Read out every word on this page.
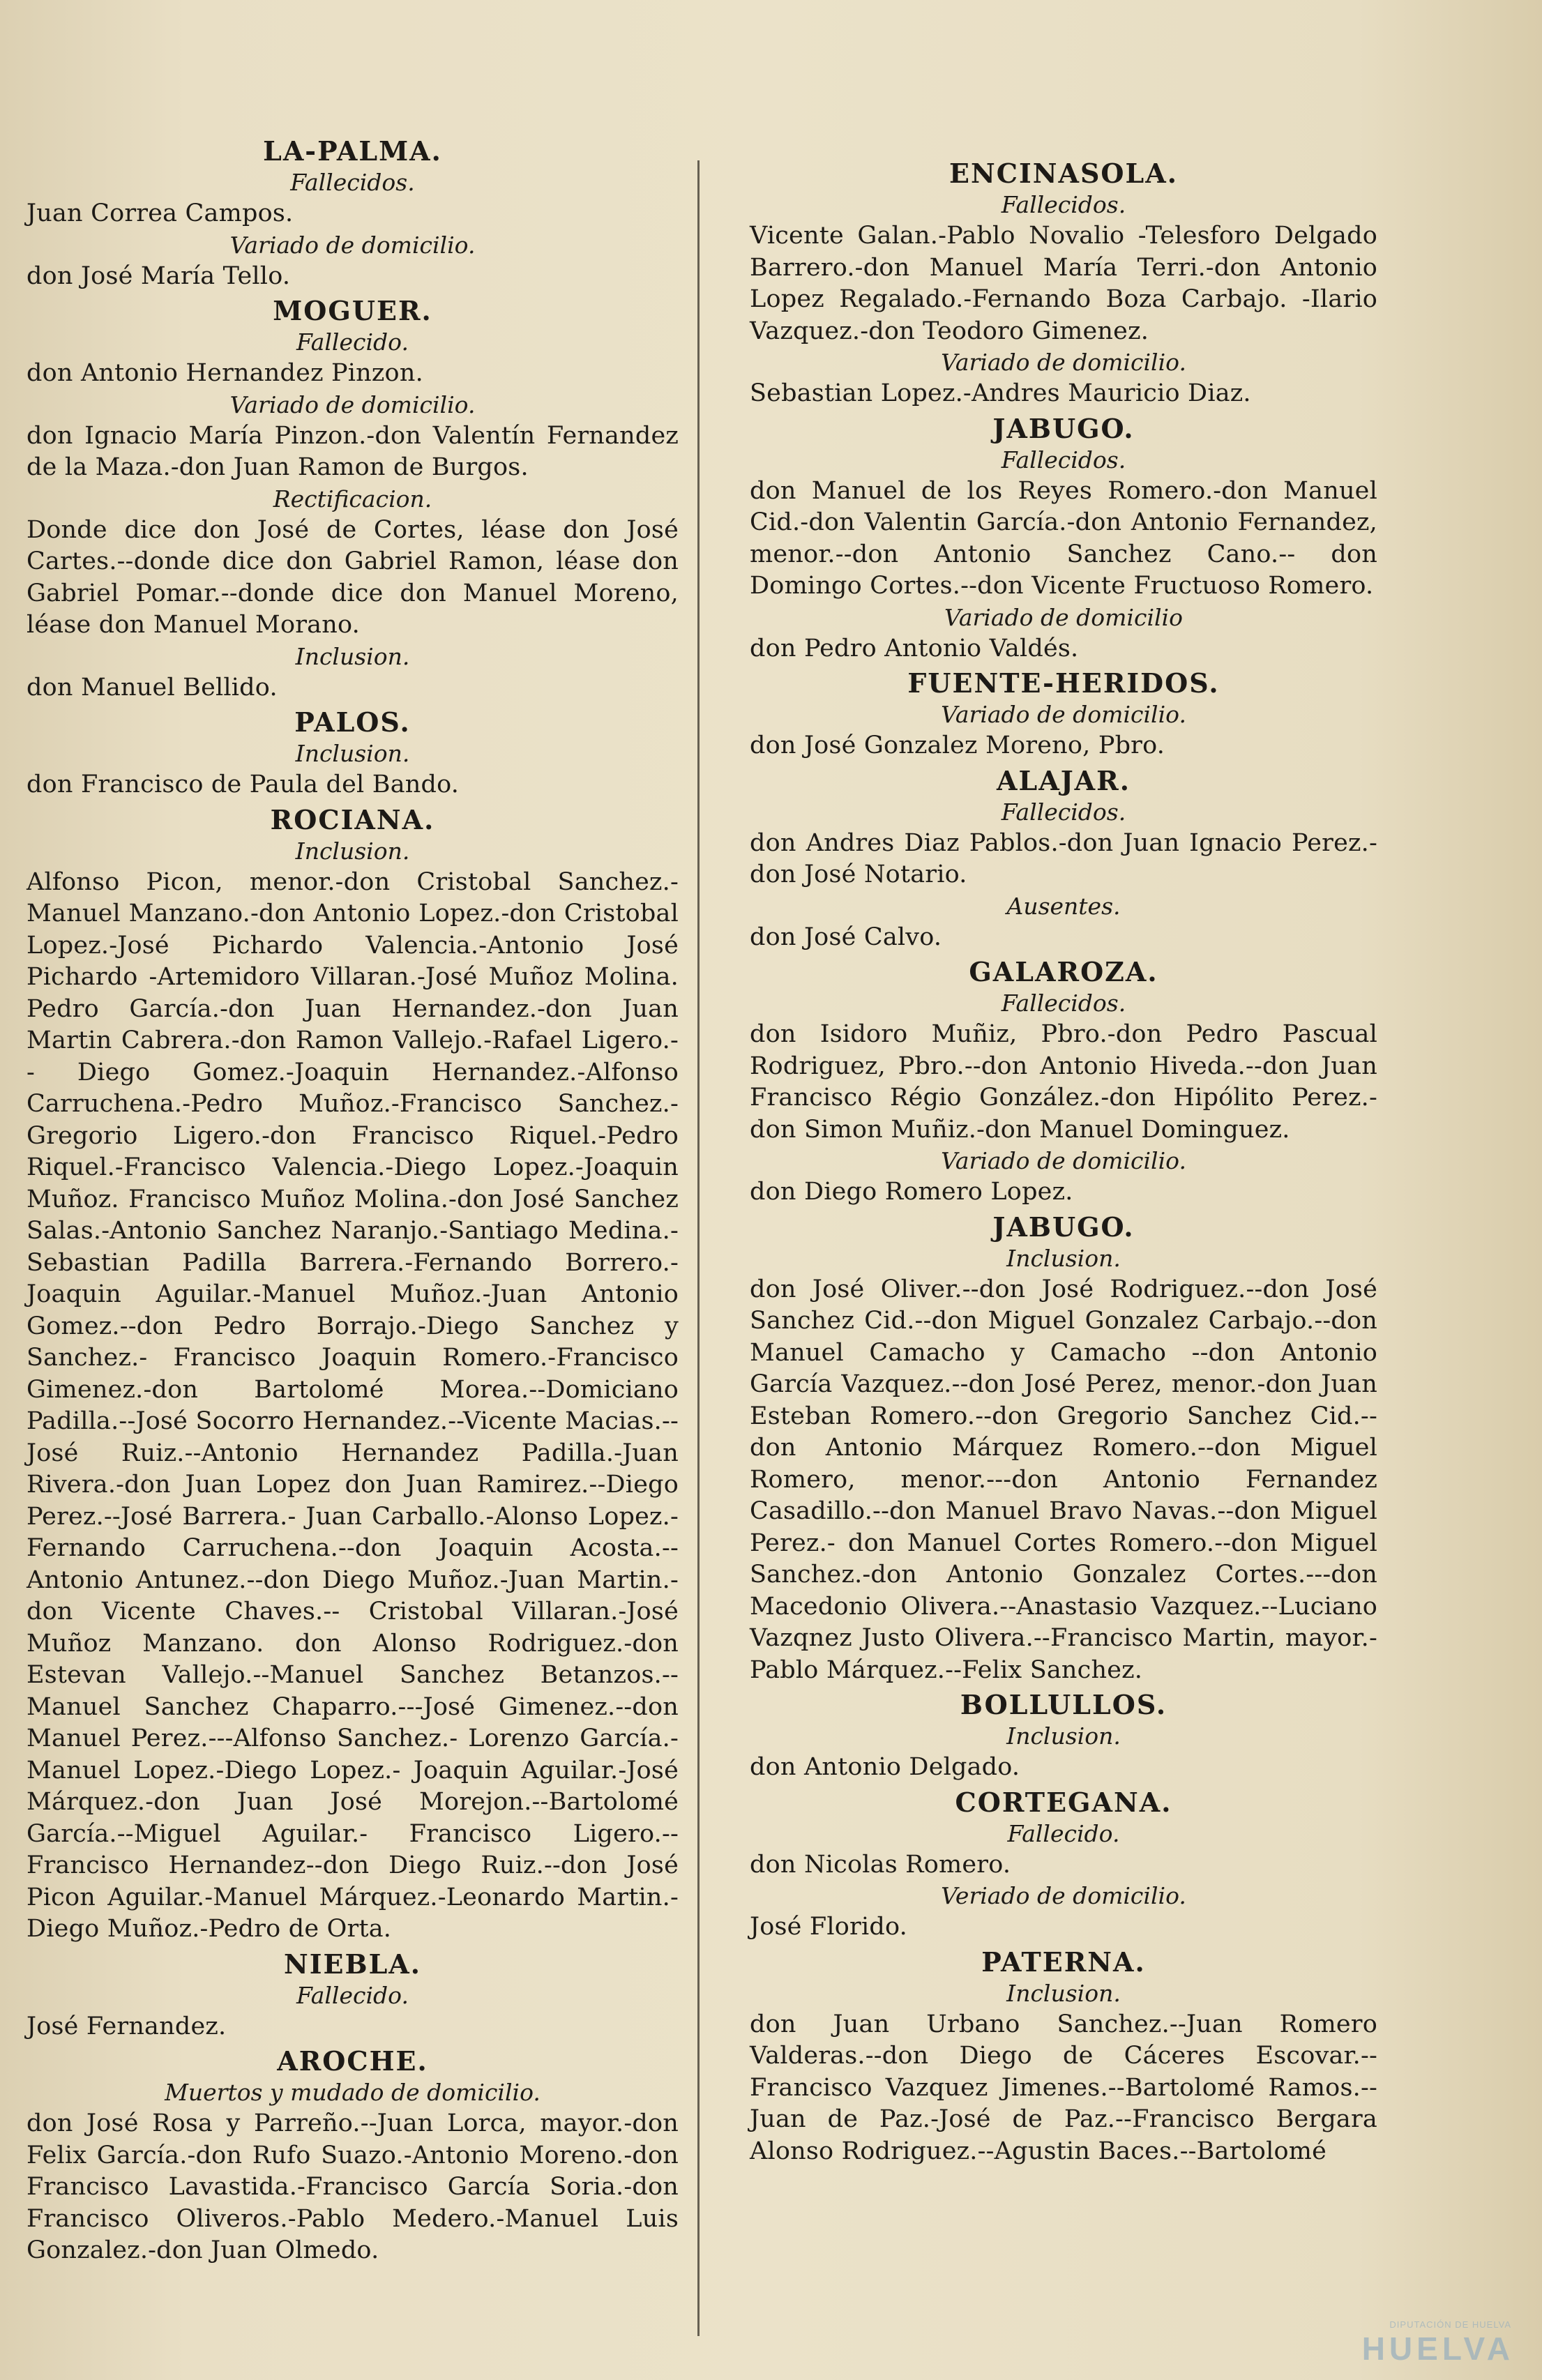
LA-PALMA.

Fallecidos.

Juan Correa Campos.

Variado de domicilio.

don José María Tello.

MOGUER.

Fallecido.

don Antonio Hernandez Pinzon.

Variado de domicilio.

don Ignacio María Pinzon.-don Valentín Fernandez de la Maza.-don Juan Ramon de Burgos.

Rectificacion.

Donde dice don José de Cortes, léase don José Cartes.--donde dice don Gabriel Ramon, léase don Gabriel Pomar.--donde dice don Manuel Moreno, léase don Manuel Morano.

Inclusion.

don Manuel Bellido.

PALOS.

Inclusion.

don Francisco de Paula del Bando.

ROCIANA.

Inclusion.

Alfonso Picon, menor.-don Cristobal Sanchez.-Manuel Manzano.-don Antonio Lopez.-don Cristobal Lopez.-José Pichardo Valencia.-Antonio José Pichardo -Artemidoro Villaran.-José Muñoz Molina. Pedro García.-don Juan Hernandez.-don Juan Martin Cabrera.-don Ramon Vallejo.-Rafael Ligero.-- Diego Gomez.-Joaquin Hernandez.-Alfonso Carruchena.-Pedro Muñoz.-Francisco Sanchez.-Gregorio Ligero.-don Francisco Riquel.-Pedro Riquel.-Francisco Valencia.-Diego Lopez.-Joaquin Muñoz. Francisco Muñoz Molina.-don José Sanchez Salas.-Antonio Sanchez Naranjo.-Santiago Medina.-Sebastian Padilla Barrera.-Fernando Borrero.-Joaquin Aguilar.-Manuel Muñoz.-Juan Antonio Gomez.--don Pedro Borrajo.-Diego Sanchez y Sanchez.- Francisco Joaquin Romero.-Francisco Gimenez.-don Bartolomé Morea.--Domiciano Padilla.--José Socorro Hernandez.--Vicente Macias.--José Ruiz.--Antonio Hernandez Padilla.-Juan Rivera.-don Juan Lopez don Juan Ramirez.--Diego Perez.--José Barrera.- Juan Carballo.-Alonso Lopez.-Fernando Carruchena.--don Joaquin Acosta.-- Antonio Antunez.--don Diego Muñoz.-Juan Martin.-don Vicente Chaves.-- Cristobal Villaran.-José Muñoz Manzano. don Alonso Rodriguez.-don Estevan Vallejo.--Manuel Sanchez Betanzos.--Manuel Sanchez Chaparro.---José Gimenez.--don Manuel Perez.---Alfonso Sanchez.- Lorenzo García.-Manuel Lopez.-Diego Lopez.- Joaquin Aguilar.-José Márquez.-don Juan José Morejon.--Bartolomé García.--Miguel Aguilar.- Francisco Ligero.--Francisco Hernandez--don Diego Ruiz.--don José Picon Aguilar.-Manuel Márquez.-Leonardo Martin.-Diego Muñoz.-Pedro de Orta.

NIEBLA.

Fallecido.

José Fernandez.

AROCHE.

Muertos y mudado de domicilio.

don José Rosa y Parreño.--Juan Lorca, mayor.-don Felix García.-don Rufo Suazo.-Antonio Moreno.-don Francisco Lavastida.-Francisco García Soria.-don Francisco Oliveros.-Pablo Medero.-Manuel Luis Gonzalez.-don Juan Olmedo.

ENCINASOLA.

Fallecidos.

Vicente Galan.-Pablo Novalio -Telesforo Delgado Barrero.-don Manuel María Terri.-don Antonio Lopez Regalado.-Fernando Boza Carbajo. -Ilario Vazquez.-don Teodoro Gimenez.

Variado de domicilio.

Sebastian Lopez.-Andres Mauricio Diaz.

JABUGO.

Fallecidos.

don Manuel de los Reyes Romero.-don Manuel Cid.-don Valentin García.-don Antonio Fernandez, menor.--don Antonio Sanchez Cano.-- don Domingo Cortes.--don Vicente Fructuoso Romero.

Variado de domicilio

don Pedro Antonio Valdés.

FUENTE-HERIDOS.

Variado de domicilio.

don José Gonzalez Moreno, Pbro.

ALAJAR.

Fallecidos.

don Andres Diaz Pablos.-don Juan Ignacio Perez.-don José Notario.

Ausentes.

don José Calvo.

GALAROZA.

Fallecidos.

don Isidoro Muñiz, Pbro.-don Pedro Pascual Rodriguez, Pbro.--don Antonio Hiveda.--don Juan Francisco Régio González.-don Hipólito Perez.-don Simon Muñiz.-don Manuel Dominguez.

Variado de domicilio.

don Diego Romero Lopez.

JABUGO.

Inclusion.

don José Oliver.--don José Rodriguez.--don José Sanchez Cid.--don Miguel Gonzalez Carbajo.--don Manuel Camacho y Camacho --don Antonio García Vazquez.--don José Perez, menor.-don Juan Esteban Romero.--don Gregorio Sanchez Cid.--don Antonio Márquez Romero.--don Miguel Romero, menor.---don Antonio Fernandez Casadillo.--don Manuel Bravo Navas.--don Miguel Perez.- don Manuel Cortes Romero.--don Miguel Sanchez.-don Antonio Gonzalez Cortes.---don Macedonio Olivera.--Anastasio Vazquez.--Luciano Vazqnez Justo Olivera.--Francisco Martin, mayor.-Pablo Márquez.--Felix Sanchez.

BOLLULLOS.

Inclusion.

don Antonio Delgado.

CORTEGANA.

Fallecido.

don Nicolas Romero.

Veriado de domicilio.

José Florido.

PATERNA.

Inclusion.

don Juan Urbano Sanchez.--Juan Romero Valderas.--don Diego de Cáceres Escovar.--Francisco Vazquez Jimenes.--Bartolomé Ramos.-- Juan de Paz.-José de Paz.--Francisco Bergara Alonso Rodriguez.--Agustin Baces.--Bartolomé

DIPUTACIÓN DE HUELVA
HUELVA
